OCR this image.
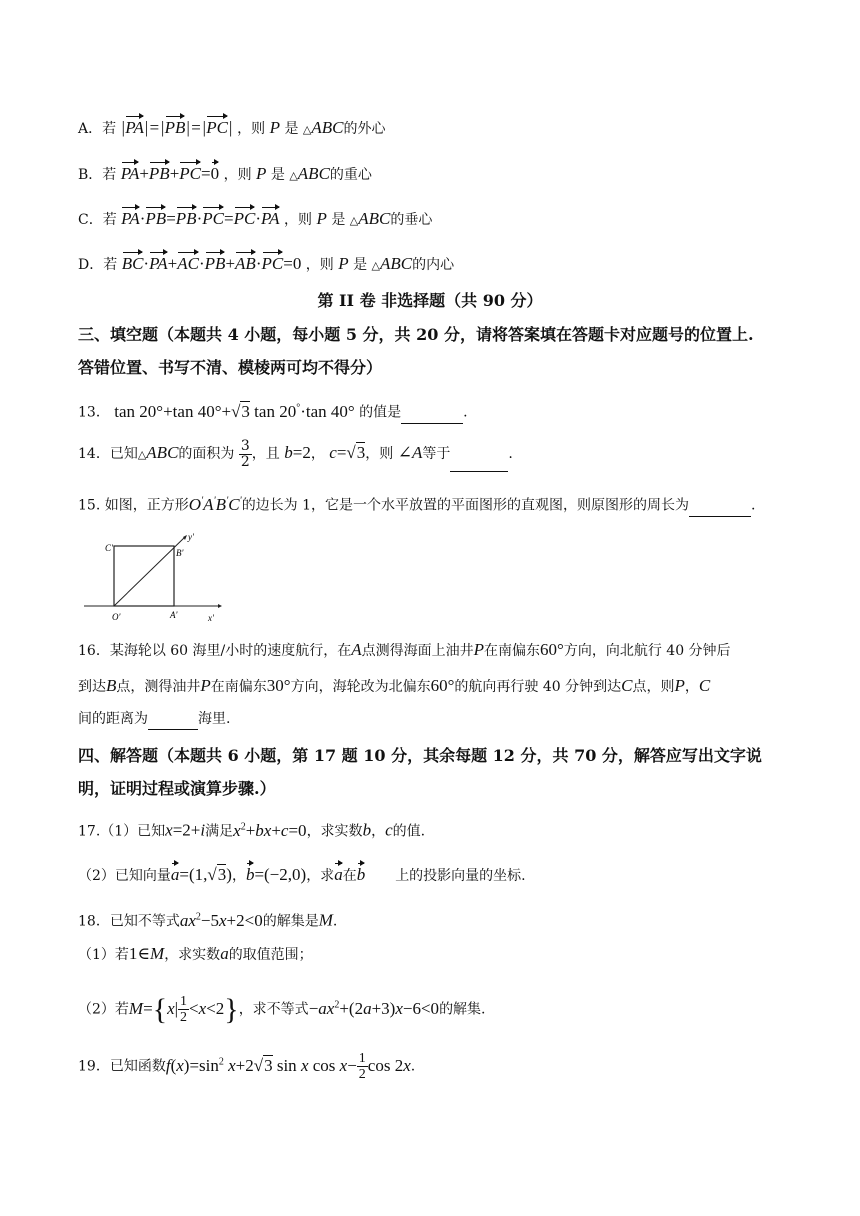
A．若 |PA|=|PB|=|PC| ，则 P 是 △ABC的外心
B．若 PA+PB+PC=0 ，则 P 是 △ABC的重心
C．若 PA·PB=PB·PC=PC·PA ，则 P 是 △ABC的垂心
D．若 BC·PA+AC·PB+AB·PC=0 ，则 P 是 △ABC的内心
第 II 卷 非选择题（共 90 分）
三、填空题（本题共 4 小题，每小题 5 分，共 20 分，请将答案填在答题卡对应题号的位置上.
答错位置、书写不清、模棱两可均不得分）
13． tan 20°+tan 40°+√3 tan 20°·tan 40° 的值是	.
14．已知△ABC的面积为 $\frac{3}{2}$ ，且 b=2， c=√3，则 ∠A等于	.
15. 如图，正方形O'A'B'C'的边长为 1，它是一个水平放置的平面图形的直观图，则原图形的周长为	.
C'	B'
y'
O'	A'	x'
16．某海轮以 60 海里/小时的速度航行，在A点测得海面上油井P在南偏东60°方向，向北航行 40 分钟后
到达B点，测得油井P在南偏东30°方向，海轮改为北偏东60°的航向再行驶 40 分钟到达C点，则P，C
间的距离为	海里.
四、解答题（本题共 6 小题，第 17 题 10 分，其余每题 12 分，共 70 分，解答应写出文字说
明，证明过程或演算步骤.）
17.（1）已知x=2+i满足$x^2+bx+c=0$，求实数b，c的值.
（2）已知向量a=(1,√3)，b=(−2,0)，求a在b 上的投影向量的坐标.
18．已知不等式$ax^2-5x+2<0$的解集是M.
（1）若1∈M，求实数a的取值范围；
（2）若$M=\{x| \frac{1}{2} <x<2\}$，求不等式$-ax^2+(2a+3)x-6<0$的解集.
19．已知函数$f(x)=\sin^2$ x+2√3 sin x $\cos x- \frac{1}{2}$ cos 2x.
